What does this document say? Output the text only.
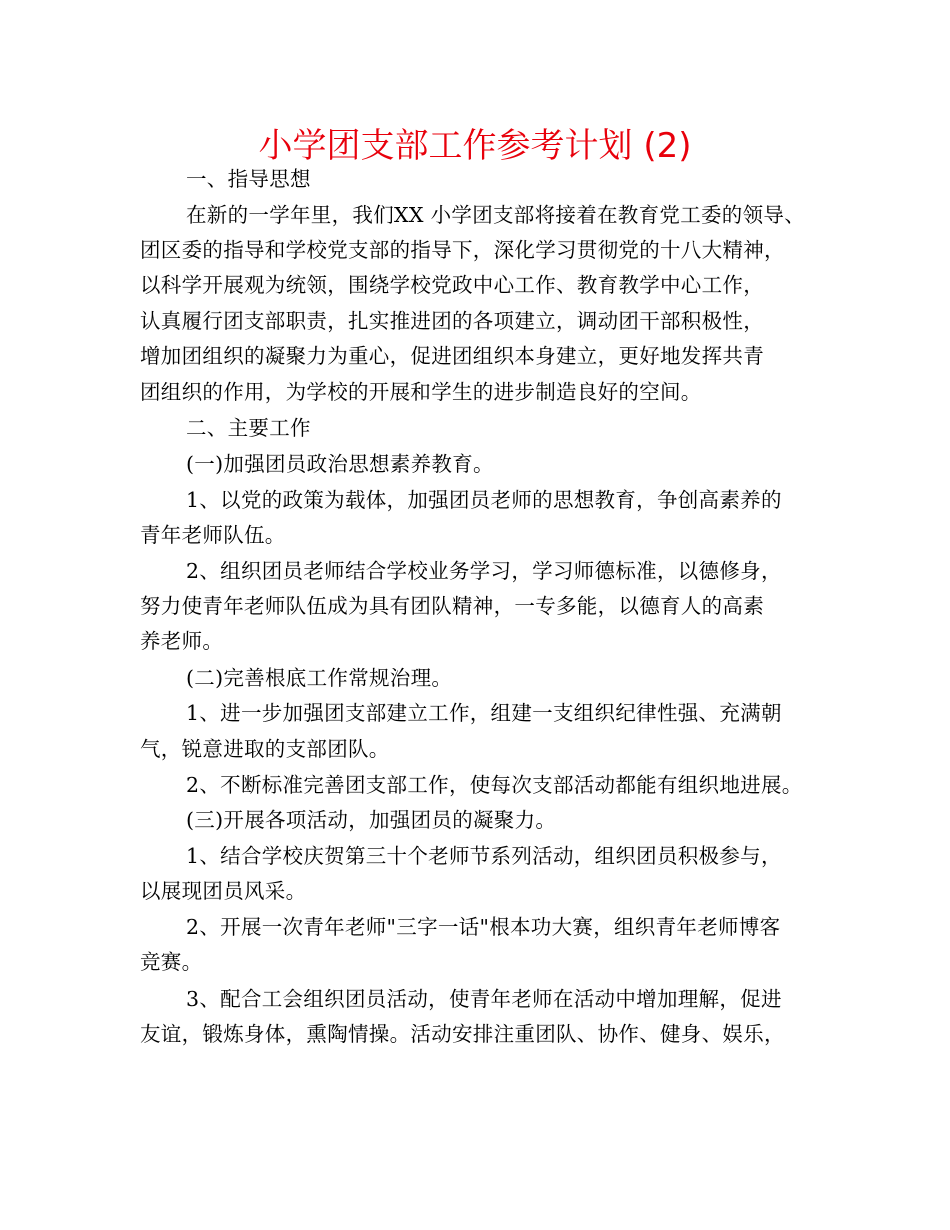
小学团支部工作参考计划 (2)
一、指导思想
在新的一学年里，我们XX 小学团支部将接着在教育党工委的领导、
团区委的指导和学校党支部的指导下，深化学习贯彻党的十八大精神，
以科学开展观为统领，围绕学校党政中心工作、教育教学中心工作，
认真履行团支部职责，扎实推进团的各项建立，调动团干部积极性，
增加团组织的凝聚力为重心，促进团组织本身建立，更好地发挥共青
团组织的作用，为学校的开展和学生的进步制造良好的空间。
二、主要工作
(一)加强团员政治思想素养教育。
1、以党的政策为载体，加强团员老师的思想教育，争创高素养的
青年老师队伍。
2、组织团员老师结合学校业务学习，学习师德标准，以德修身，
努力使青年老师队伍成为具有团队精神，一专多能，以德育人的高素
养老师。
(二)完善根底工作常规治理。
1、进一步加强团支部建立工作，组建一支组织纪律性强、充满朝
气，锐意进取的支部团队。
2、不断标准完善团支部工作，使每次支部活动都能有组织地进展。
(三)开展各项活动，加强团员的凝聚力。
1、结合学校庆贺第三十个老师节系列活动，组织团员积极参与，
以展现团员风采。
2、开展一次青年老师"三字一话"根本功大赛，组织青年老师博客
竞赛。
3、配合工会组织团员活动，使青年老师在活动中增加理解，促进
友谊，锻炼身体，熏陶情操。活动安排注重团队、协作、健身、娱乐，
